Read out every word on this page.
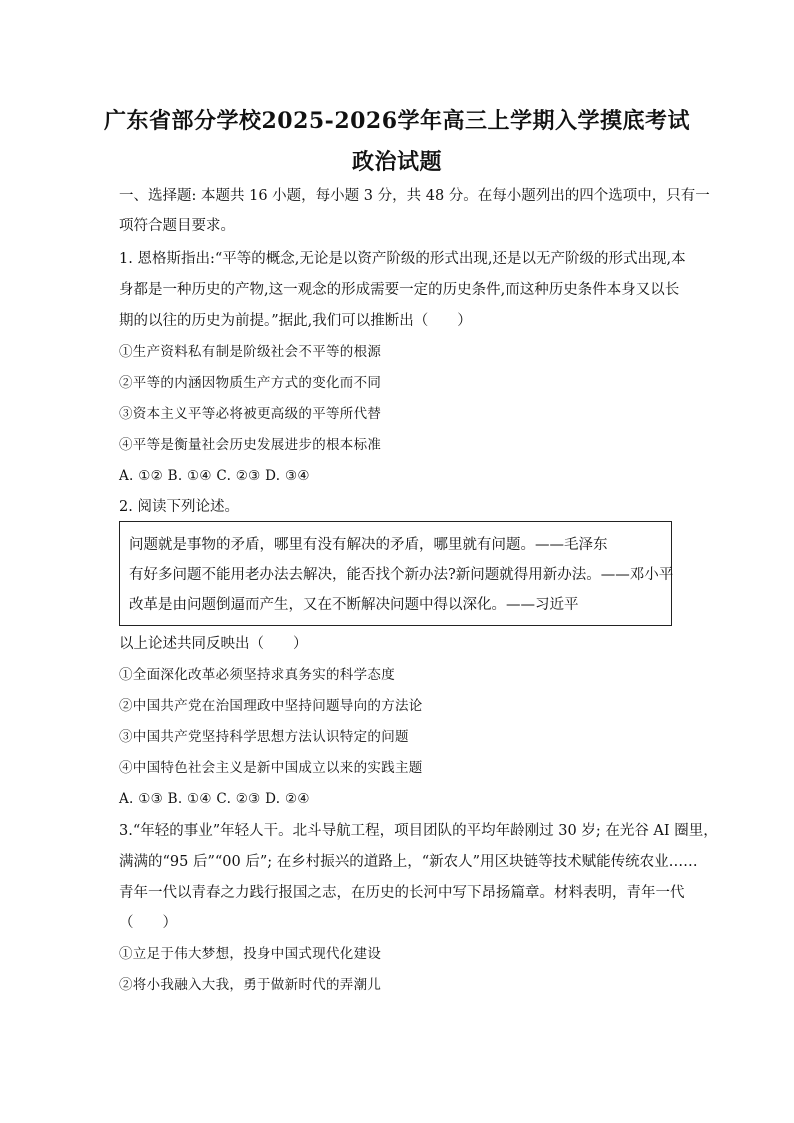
广东省部分学校2025-2026学年高三上学期入学摸底考试
政治试题
一、选择题: 本题共 16 小题，每小题 3 分，共 48 分。在每小题列出的四个选项中，只有一
项符合题目要求。
1. 恩格斯指出:“平等的概念,无论是以资产阶级的形式出现,还是以无产阶级的形式出现,本
身都是一种历史的产物,这一观念的形成需要一定的历史条件,而这种历史条件本身又以长
期的以往的历史为前提。”据此,我们可以推断出（　　）
①生产资料私有制是阶级社会不平等的根源
②平等的内涵因物质生产方式的变化而不同
③资本主义平等必将被更高级的平等所代替
④平等是衡量社会历史发展进步的根本标准
A. ①② B. ①④ C. ②③ D. ③④
2. 阅读下列论述。
问题就是事物的矛盾，哪里有没有解决的矛盾，哪里就有问题。——毛泽东
有好多问题不能用老办法去解决，能否找个新办法?新问题就得用新办法。——邓小平
改革是由问题倒逼而产生，又在不断解决问题中得以深化。——习近平
以上论述共同反映出（　　）
①全面深化改革必须坚持求真务实的科学态度
②中国共产党在治国理政中坚持问题导向的方法论
③中国共产党坚持科学思想方法认识特定的问题
④中国特色社会主义是新中国成立以来的实践主题
A. ①③ B. ①④ C. ②③ D. ②④
3.“年轻的事业”年轻人干。北斗导航工程，项目团队的平均年龄刚过 30 岁; 在光谷 AI 圈里，
满满的“95 后”“00 后”; 在乡村振兴的道路上，“新农人”用区块链等技术赋能传统农业……
青年一代以青春之力践行报国之志，在历史的长河中写下昂扬篇章。材料表明，青年一代
（　　）
①立足于伟大梦想，投身中国式现代化建设
②将小我融入大我，勇于做新时代的弄潮儿
